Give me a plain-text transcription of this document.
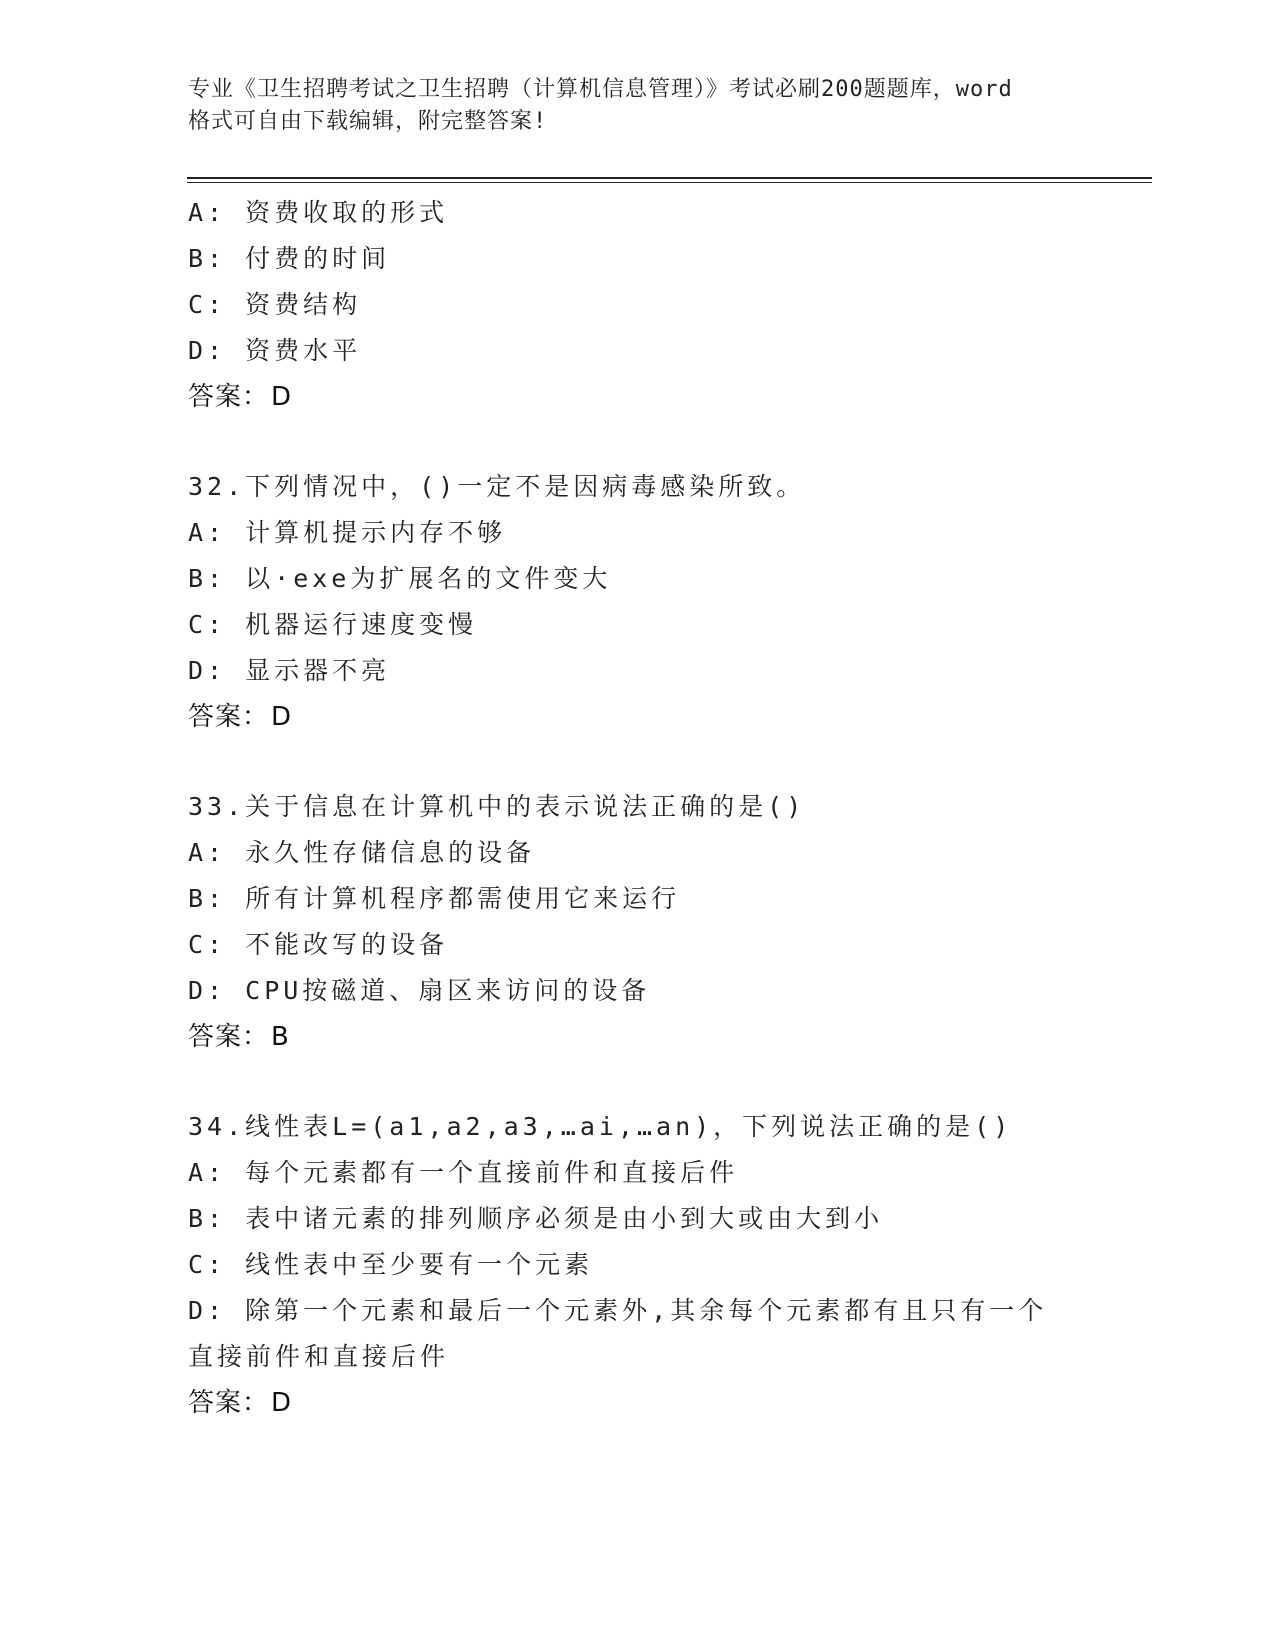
专业《卫生招聘考试之卫生招聘（计算机信息管理）》考试必刷200题题库，word
格式可自由下载编辑，附完整答案!
A: 资费收取的形式
B: 付费的时间
C: 资费结构
D: 资费水平
答案：D
32.下列情况中，()一定不是因病毒感染所致。
A: 计算机提示内存不够
B: 以·exe为扩展名的文件变大
C: 机器运行速度变慢
D: 显示器不亮
答案：D
33.关于信息在计算机中的表示说法正确的是()
A: 永久性存储信息的设备
B: 所有计算机程序都需使用它来运行
C: 不能改写的设备
D: CPU按磁道、扇区来访问的设备
答案：B
34.线性表L=(a1,a2,a3,…ai,…an)，下列说法正确的是()
A: 每个元素都有一个直接前件和直接后件
B: 表中诸元素的排列顺序必须是由小到大或由大到小
C: 线性表中至少要有一个元素
D: 除第一个元素和最后一个元素外,其余每个元素都有且只有一个直接前件和直接后件
答案：D
